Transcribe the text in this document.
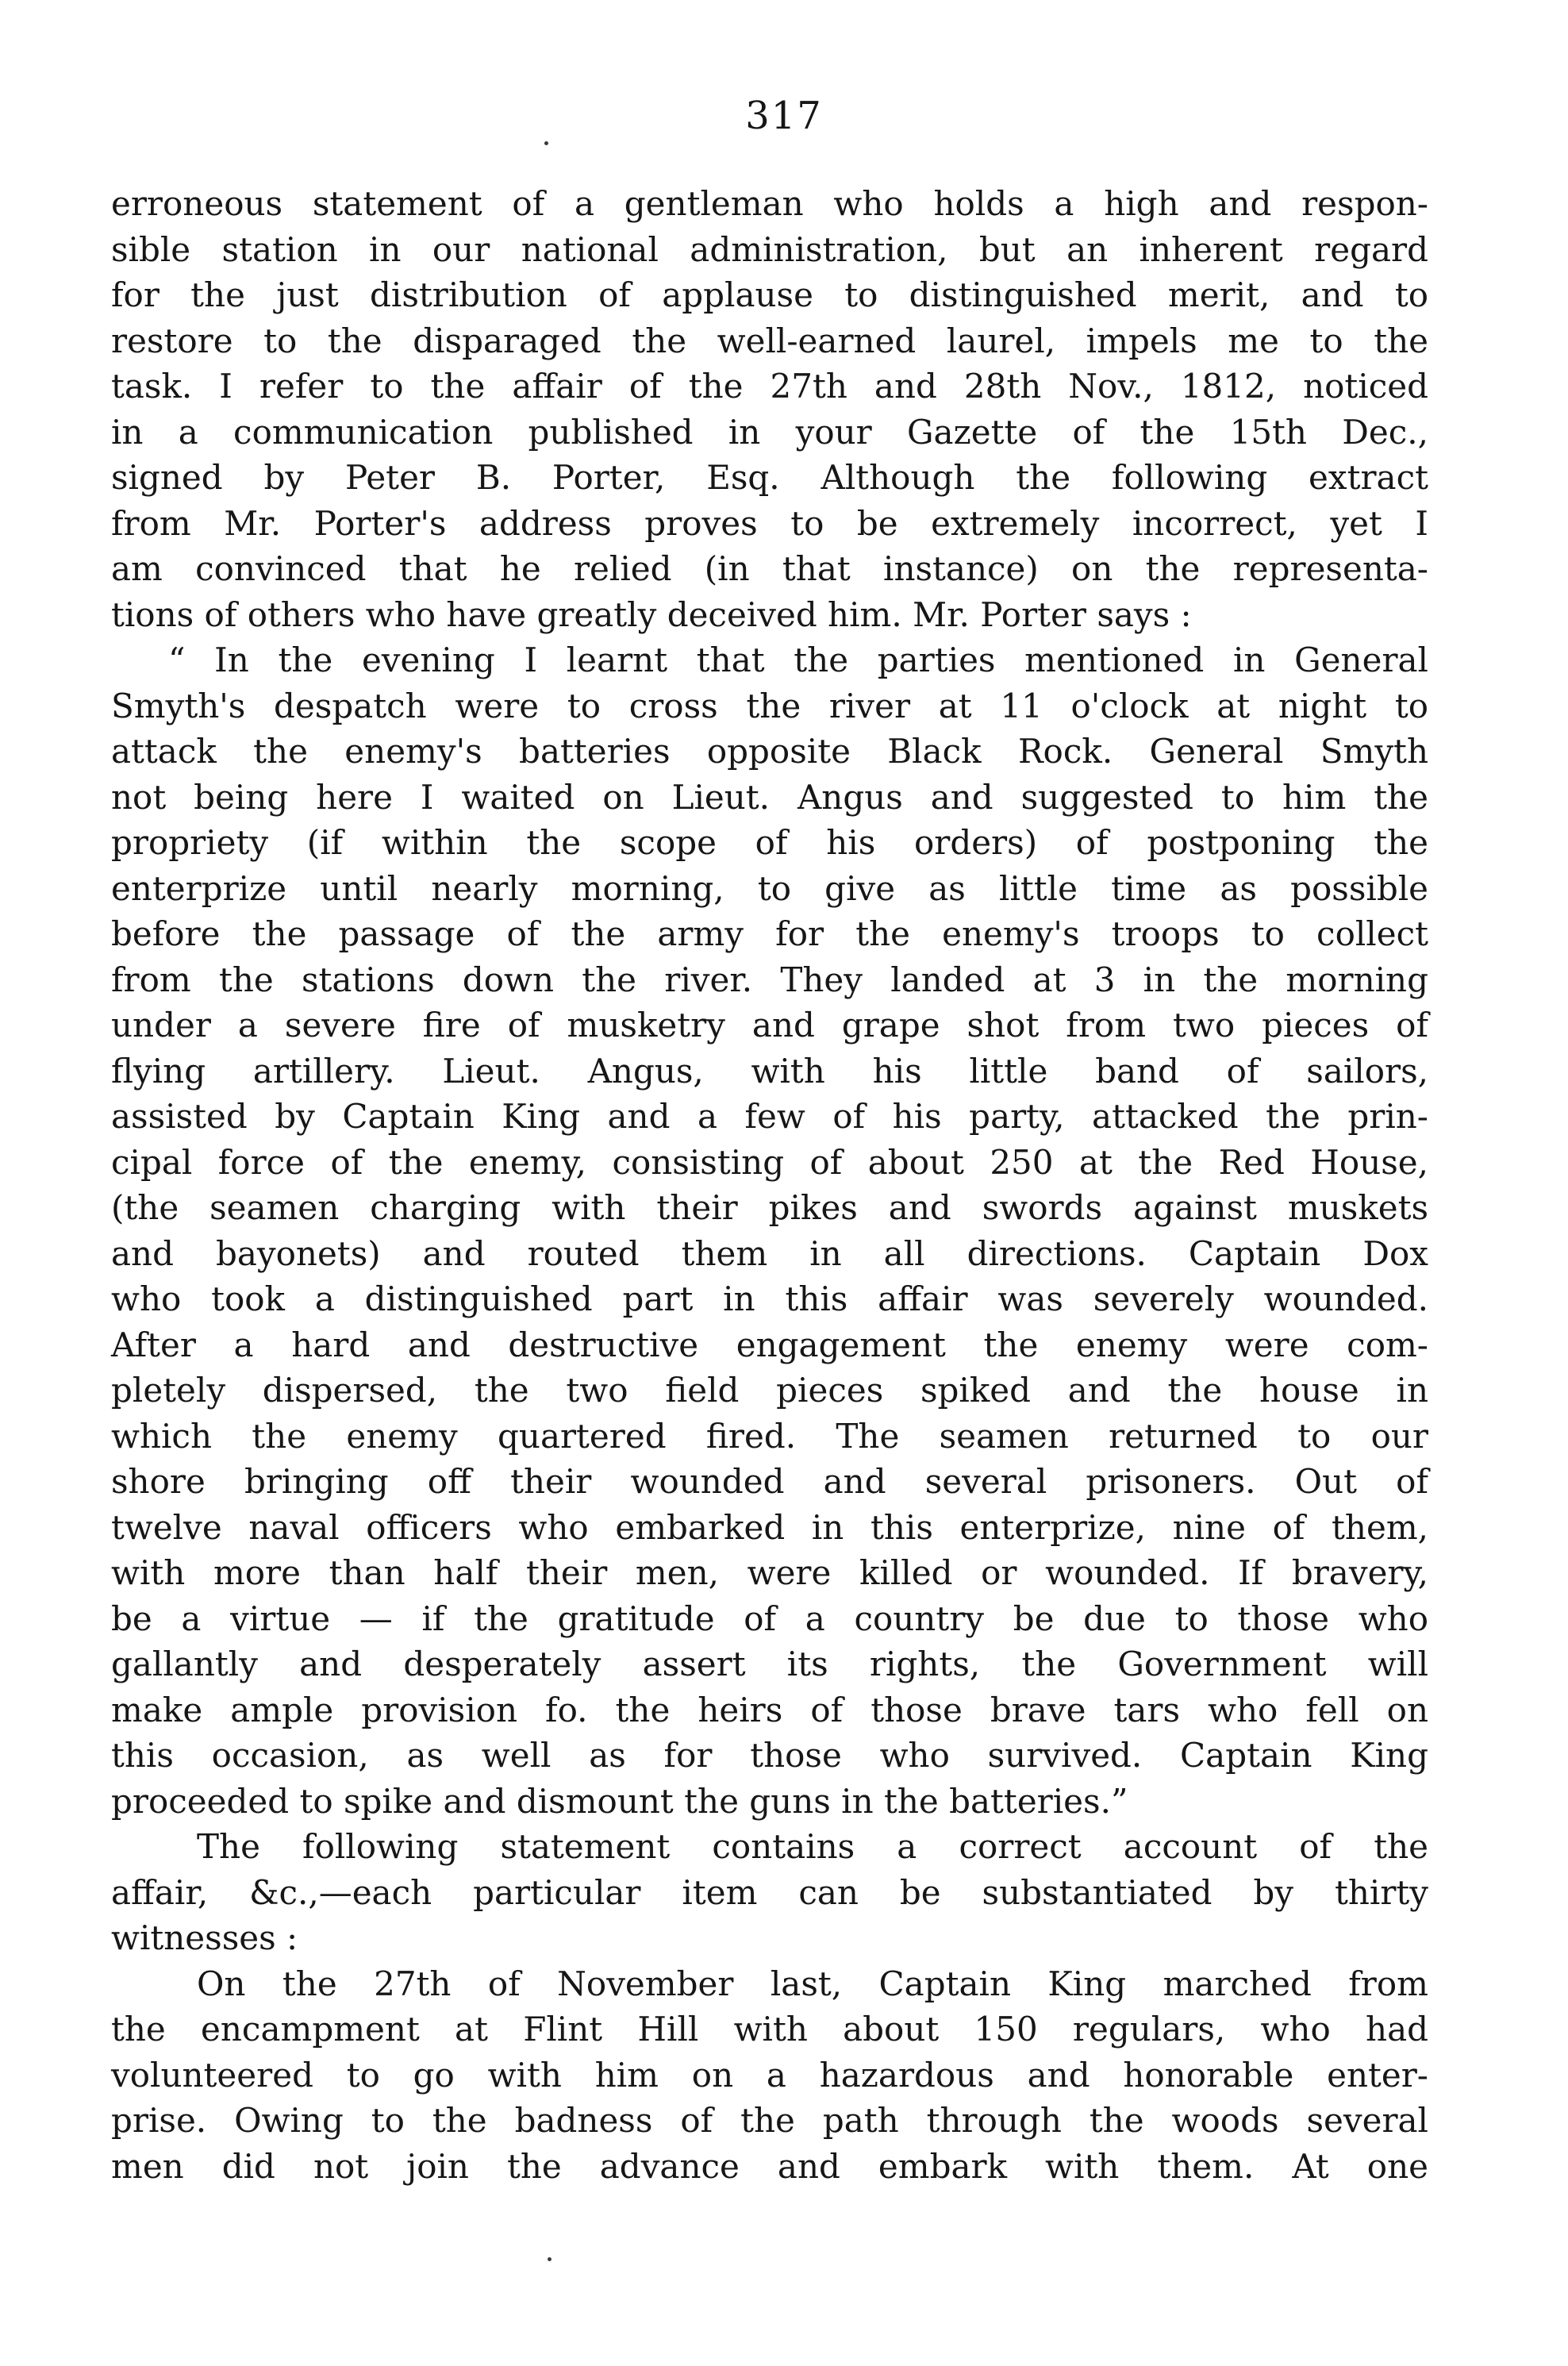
317
erroneous statement of a gentleman who holds a high and respon-
sible station in our national administration, but an inherent regard
for the just distribution of applause to distinguished merit, and to
restore to the disparaged the well-earned laurel, impels me to the
task. I refer to the affair of the 27th and 28th Nov., 1812, noticed
in a communication published in your Gazette of the 15th Dec.,
signed by Peter B. Porter, Esq. Although the following extract
from Mr. Porter's address proves to be extremely incorrect, yet I
am convinced that he relied (in that instance) on the representa-
tions of others who have greatly deceived him. Mr. Porter says :
“ In the evening I learnt that the parties mentioned in General
Smyth's despatch were to cross the river at 11 o'clock at night to
attack the enemy's batteries opposite Black Rock. General Smyth
not being here I waited on Lieut. Angus and suggested to him the
propriety (if within the scope of his orders) of postponing the
enterprize until nearly morning, to give as little time as possible
before the passage of the army for the enemy's troops to collect
from the stations down the river. They landed at 3 in the morning
under a severe fire of musketry and grape shot from two pieces of
flying artillery. Lieut. Angus, with his little band of sailors,
assisted by Captain King and a few of his party, attacked the prin-
cipal force of the enemy, consisting of about 250 at the Red House,
(the seamen charging with their pikes and swords against muskets
and bayonets) and routed them in all directions. Captain Dox
who took a distinguished part in this affair was severely wounded.
After a hard and destructive engagement the enemy were com-
pletely dispersed, the two field pieces spiked and the house in
which the enemy quartered fired. The seamen returned to our
shore bringing off their wounded and several prisoners. Out of
twelve naval officers who embarked in this enterprize, nine of them,
with more than half their men, were killed or wounded. If bravery,
be a virtue — if the gratitude of a country be due to those who
gallantly and desperately assert its rights, the Government will
make ample provision fo. the heirs of those brave tars who fell on
this occasion, as well as for those who survived. Captain King
proceeded to spike and dismount the guns in the batteries.”
The following statement contains a correct account of the
affair, &c.,—each particular item can be substantiated by thirty
witnesses :
On the 27th of November last, Captain King marched from
the encampment at Flint Hill with about 150 regulars, who had
volunteered to go with him on a hazardous and honorable enter-
prise. Owing to the badness of the path through the woods several
men did not join the advance and embark with them. At one
